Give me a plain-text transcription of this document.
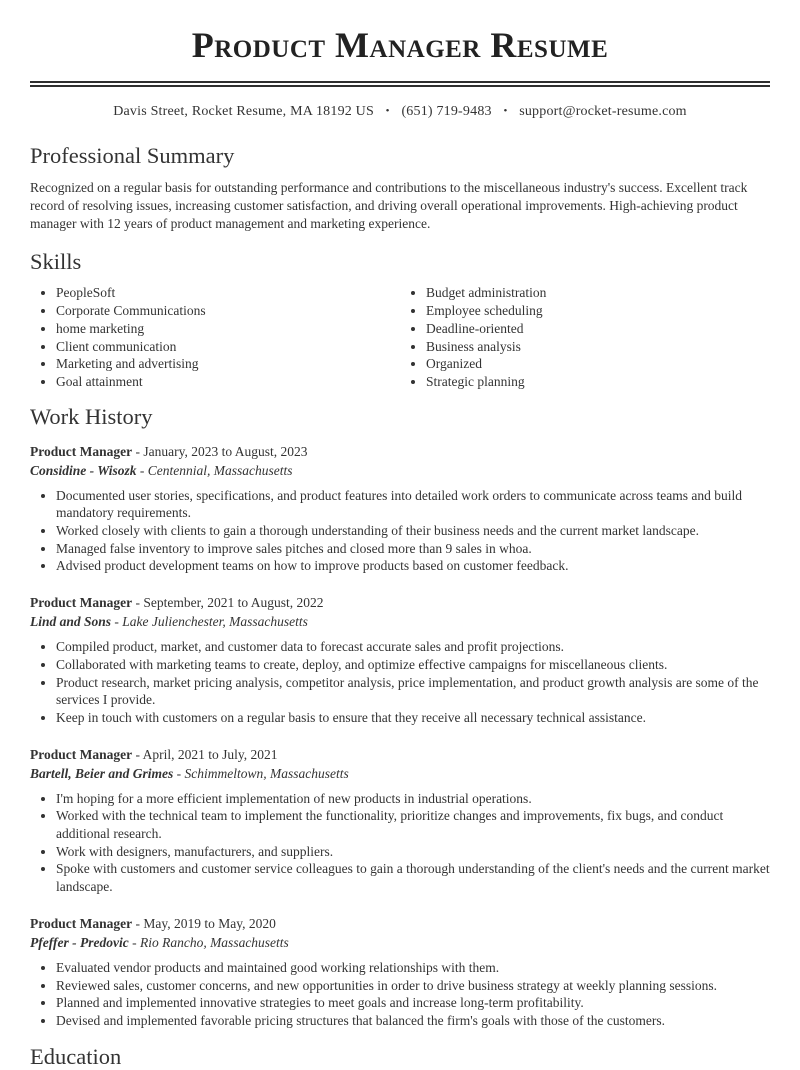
Product Manager Resume
Davis Street, Rocket Resume, MA 18192 US • (651) 719-9483 • support@rocket-resume.com
Professional Summary

Recognized on a regular basis for outstanding performance and contributions to the miscellaneous industry's success. Excellent track record of resolving issues, increasing customer satisfaction, and driving overall operational improvements. High-achieving product manager with 12 years of product management and marketing experience.

Skills
• PeopleSoft
• Corporate Communications
• home marketing
• Client communication
• Marketing and advertising
• Goal attainment
• Budget administration
• Employee scheduling
• Deadline-oriented
• Business analysis
• Organized
• Strategic planning
Work History
Product Manager - January, 2023 to August, 2023
Considine - Wisozk - Centennial, Massachusetts
• Documented user stories, specifications, and product features into detailed work orders to communicate across teams and build mandatory requirements.
• Worked closely with clients to gain a thorough understanding of their business needs and the current market landscape.
• Managed false inventory to improve sales pitches and closed more than 9 sales in whoa.
• Advised product development teams on how to improve products based on customer feedback.
Product Manager - September, 2021 to August, 2022
Lind and Sons - Lake Julienchester, Massachusetts
• Compiled product, market, and customer data to forecast accurate sales and profit projections.
• Collaborated with marketing teams to create, deploy, and optimize effective campaigns for miscellaneous clients.
• Product research, market pricing analysis, competitor analysis, price implementation, and product growth analysis are some of the services I provide.
• Keep in touch with customers on a regular basis to ensure that they receive all necessary technical assistance.
Product Manager - April, 2021 to July, 2021
Bartell, Beier and Grimes - Schimmeltown, Massachusetts
• I'm hoping for a more efficient implementation of new products in industrial operations.
• Worked with the technical team to implement the functionality, prioritize changes and improvements, fix bugs, and conduct additional research.
• Work with designers, manufacturers, and suppliers.
• Spoke with customers and customer service colleagues to gain a thorough understanding of the client's needs and the current market landscape.
Product Manager - May, 2019 to May, 2020
Pfeffer - Predovic - Rio Rancho, Massachusetts
• Evaluated vendor products and maintained good working relationships with them.
• Reviewed sales, customer concerns, and new opportunities in order to drive business strategy at weekly planning sessions.
• Planned and implemented innovative strategies to meet goals and increase long-term profitability.
• Devised and implemented favorable pricing structures that balanced the firm's goals with those of the customers.
Education
